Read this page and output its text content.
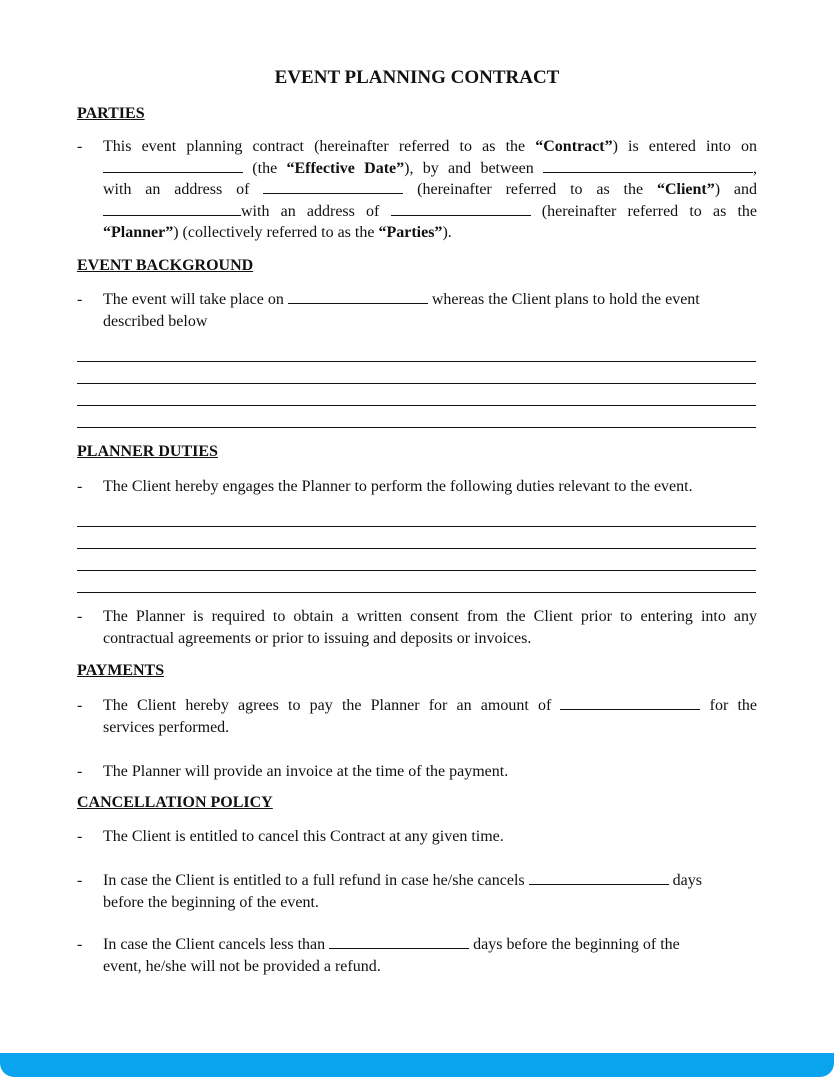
EVENT PLANNING CONTRACT
PARTIES
- This event planning contract (hereinafter referred to as the “Contract”) is entered into on

(the “Effective Date”), by and between	,

with an address of	(hereinafter referred to as the “Client”) and

with an address of	(hereinafter referred to as the

“Planner”) (collectively referred to as the “Parties”).

EVENT BACKGROUND
- The event will take place on	whereas the Client plans to hold the event

described below

PLANNER DUTIES
- The Client hereby engages the Planner to perform the following duties relevant to the event.

- The Planner is required to obtain a written consent from the Client prior to entering into any

contractual agreements or prior to issuing and deposits or invoices.

PAYMENTS
- The Client hereby agrees to pay the Planner for an amount of	for the

services performed.

- The Planner will provide an invoice at the time of the payment.

CANCELLATION POLICY
- The Client is entitled to cancel this Contract at any given time.

- In case the Client is entitled to a full refund in case he/she cancels	days

before the beginning of the event.

- In case the Client cancels less than	days before the beginning of the

event, he/she will not be provided a refund.
